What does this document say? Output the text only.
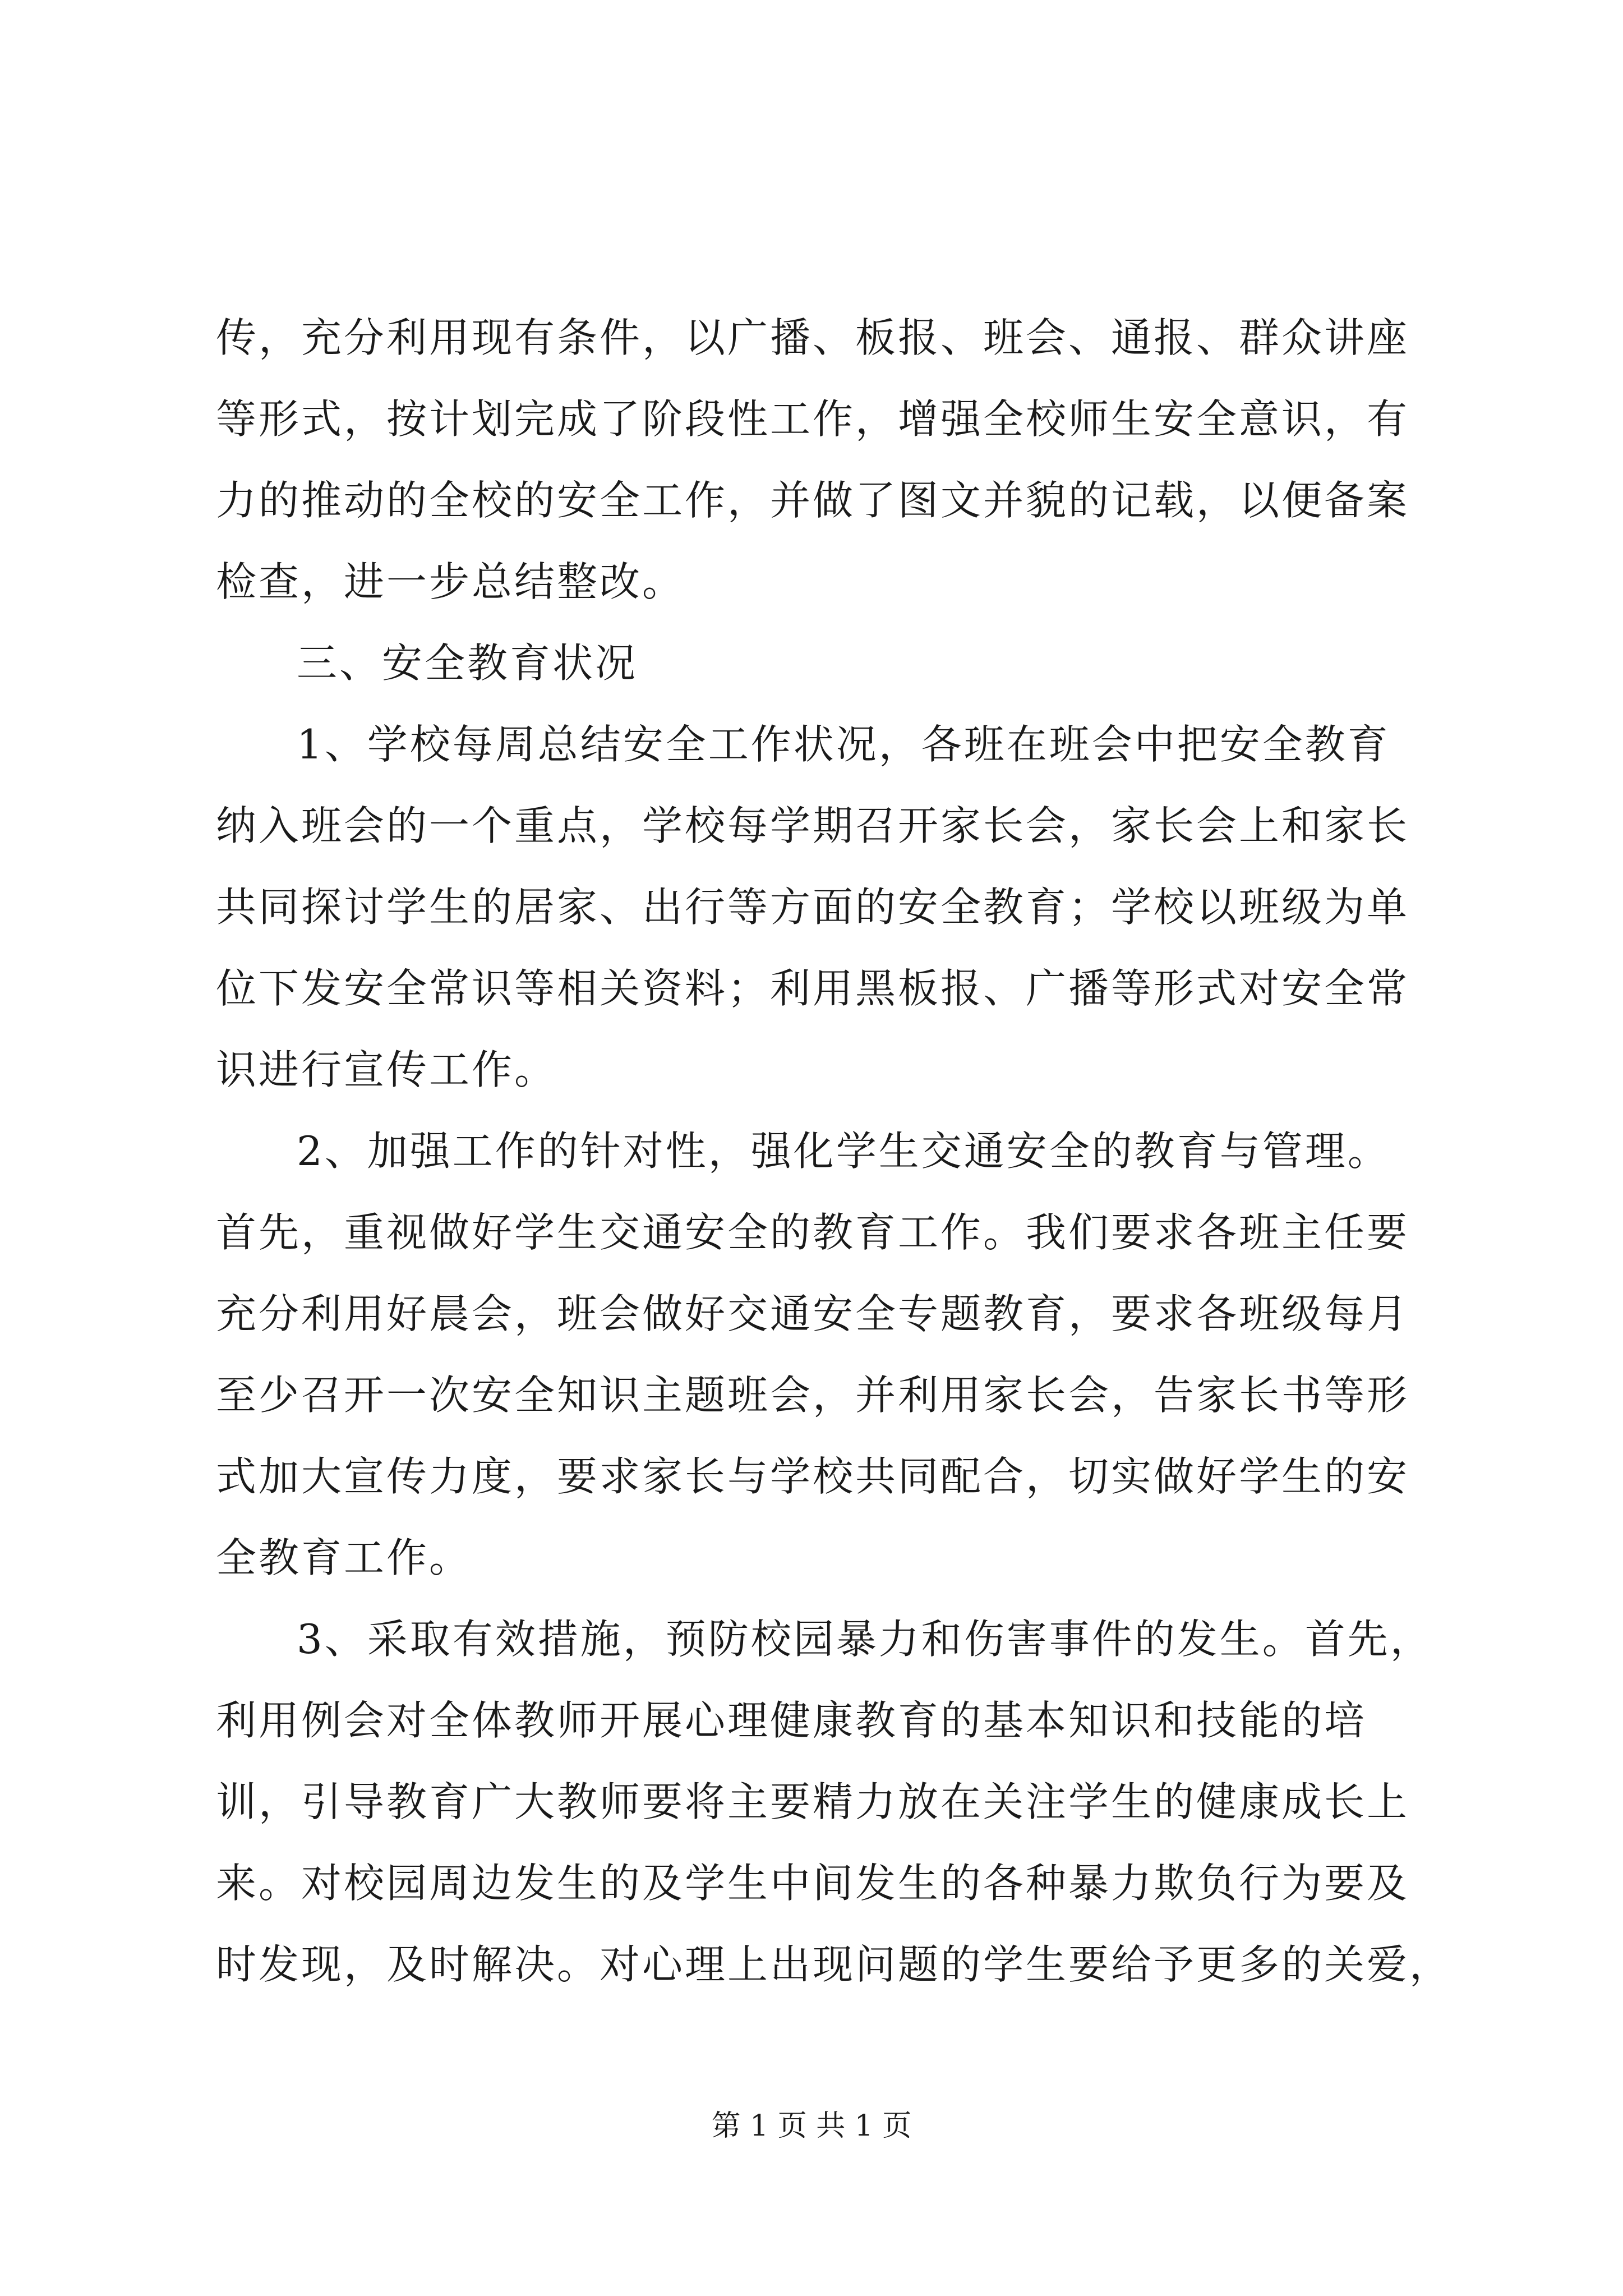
传，充分利用现有条件，以广播、板报、班会、通报、群众讲座
等形式，按计划完成了阶段性工作，增强全校师生安全意识，有
力的推动的全校的安全工作，并做了图文并貌的记载，以便备案
检查，进一步总结整改。
三、安全教育状况
1、学校每周总结安全工作状况，各班在班会中把安全教育
纳入班会的一个重点，学校每学期召开家长会，家长会上和家长
共同探讨学生的居家、出行等方面的安全教育；学校以班级为单
位下发安全常识等相关资料；利用黑板报、广播等形式对安全常
识进行宣传工作。
2、加强工作的针对性，强化学生交通安全的教育与管理。
首先，重视做好学生交通安全的教育工作。我们要求各班主任要
充分利用好晨会，班会做好交通安全专题教育，要求各班级每月
至少召开一次安全知识主题班会，并利用家长会，告家长书等形
式加大宣传力度，要求家长与学校共同配合，切实做好学生的安
全教育工作。
3、采取有效措施，预防校园暴力和伤害事件的发生。首先，
利用例会对全体教师开展心理健康教育的基本知识和技能的培
训，引导教育广大教师要将主要精力放在关注学生的健康成长上
来。对校园周边发生的及学生中间发生的各种暴力欺负行为要及
时发现，及时解决。对心理上出现问题的学生要给予更多的关爱，
第 1 页 共 1 页
